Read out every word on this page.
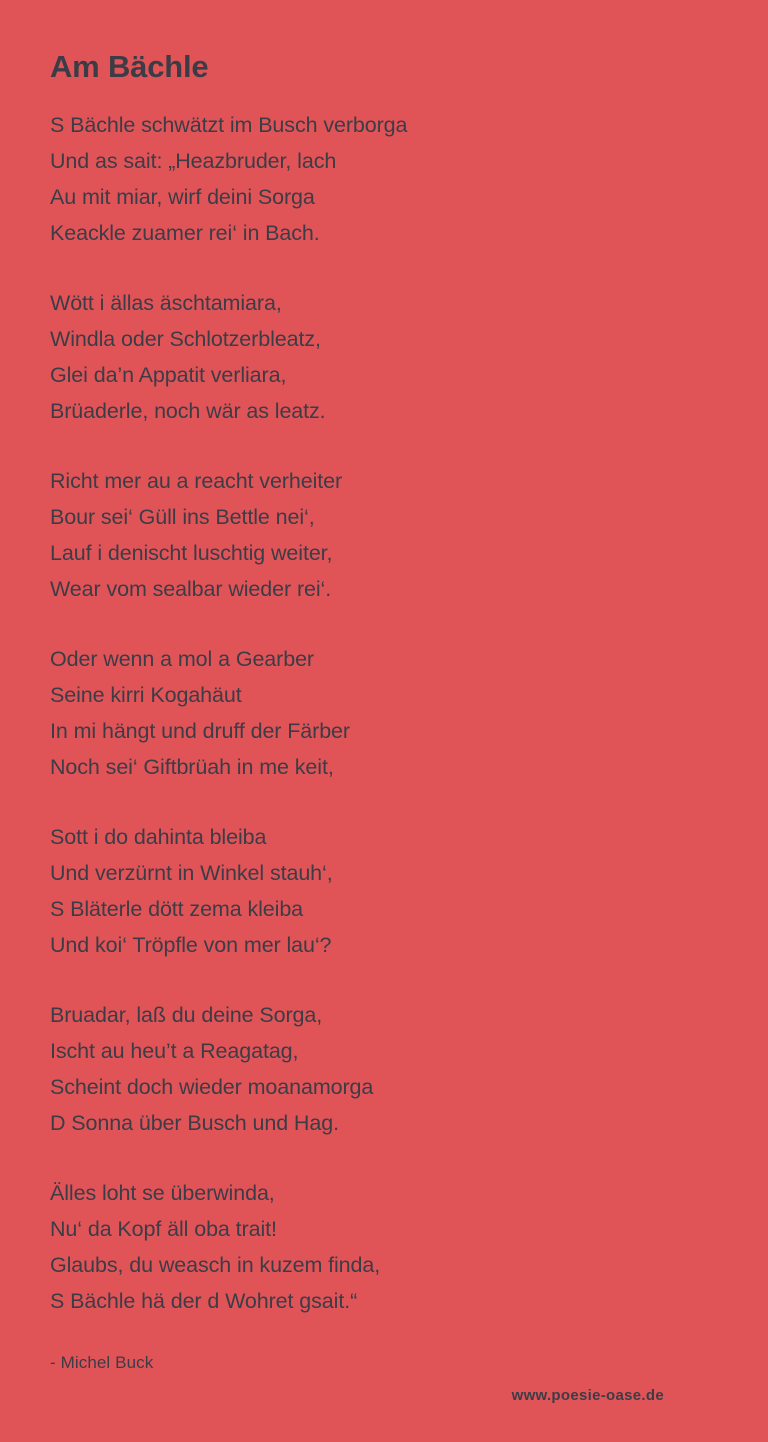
Am Bächle
S Bächle schwätzt im Busch verborga
Und as sait: „Heazbruder, lach
Au mit miar, wirf deini Sorga
Keackle zuamer rei‘ in Bach.
Wött i ällas äschtamiara,
Windla oder Schlotzerbleatz,
Glei da’n Appatit verliara,
Brüaderle, noch wär as leatz.
Richt mer au a reacht verheiter
Bour sei‘ Güll ins Bettle nei‘,
Lauf i denischt luschtig weiter,
Wear vom sealbar wieder rei‘.
Oder wenn a mol a Gearber
Seine kirri Kogahäut
In mi hängt und druff der Färber
Noch sei‘ Giftbrüah in me keit,
Sott i do dahinta bleiba
Und verzürnt in Winkel stauh‘,
S Bläterle dött zema kleiba
Und koi‘ Tröpfle von mer lau‘?
Bruadar, laß du deine Sorga,
Ischt au heu’t a Reagatag,
Scheint doch wieder moanamorga
D Sonna über Busch und Hag.
Älles loht se überwinda,
Nu‘ da Kopf äll oba trait!
Glaubs, du weasch in kuzem finda,
S Bächle hä der d Wohret gsait.“
- Michel Buck
www.poesie-oase.de
